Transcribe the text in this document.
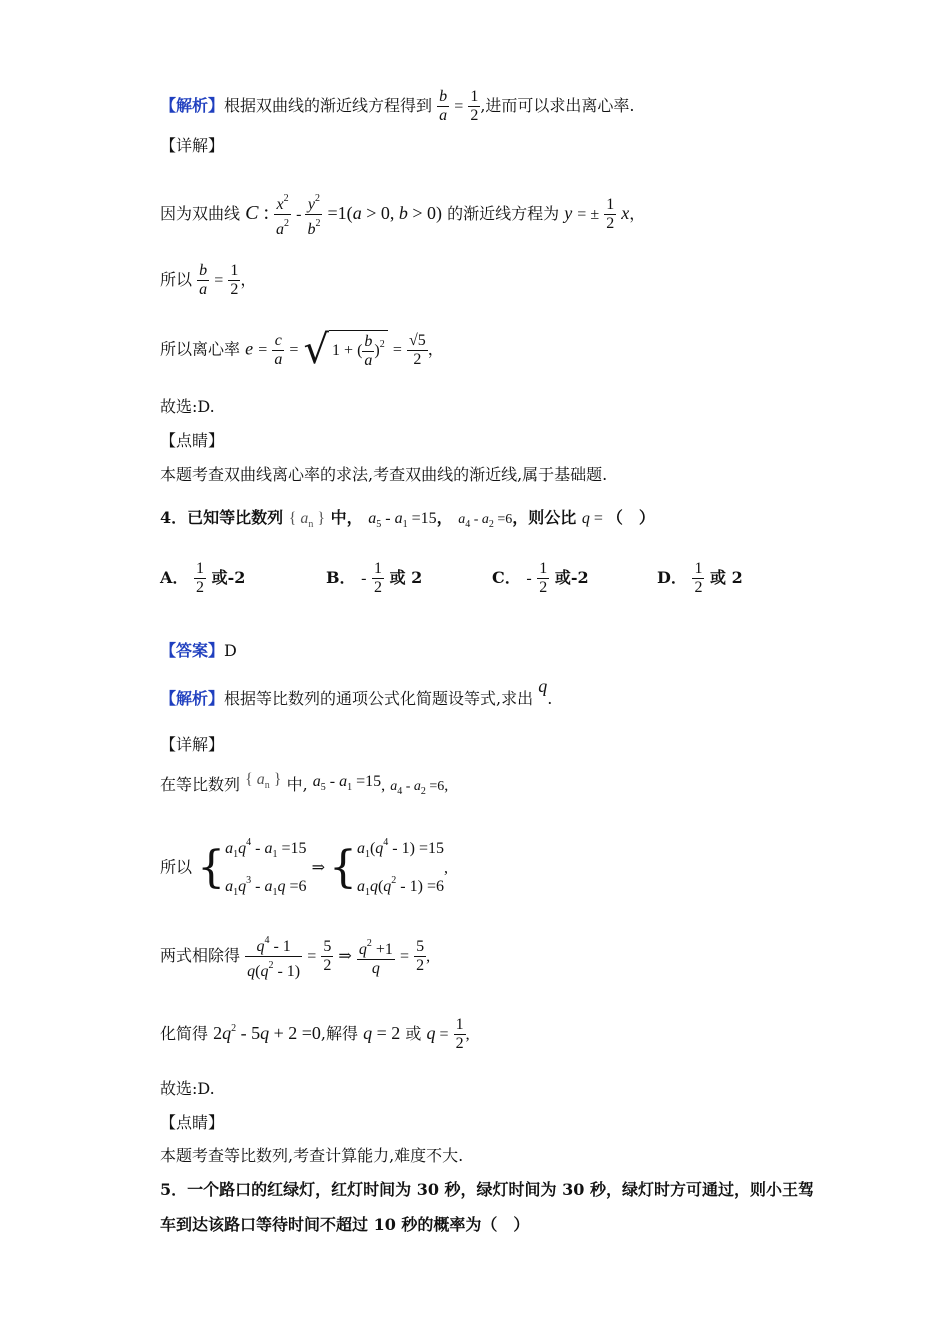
【解析】根据双曲线的渐近线方程得到 $\frac{b}{a} = \frac{1}{2}$ ,进而可以求出离心率.
【详解】
因为双曲线 C : $\frac{x^2}{a^2} - \frac{y^2}{b^2} =1(a > 0$, b > 0) 的渐近线方程为 y = ± $\frac{1}{2}$ x，
所以 $\frac{b}{a} = \frac{1}{2}$ ，
所以离心率 $e = \frac{c}{a}$ = √ 1 + ( $\frac{b}{a} )^2 = \frac{√5}{2}$ ，
故选:D.
【点睛】
本题考查双曲线离心率的求法,考查双曲线的渐近线,属于基础题.
4．已知等比数列 { $a_n$ } 中， $a_5 - a_1 =15$， $a_4 - a_2 =6$，则公比 q = （　）
A． $\frac{1}{2}$ 或-2	B． - $\frac{1}{2}$ 或 2	C． - $\frac{1}{2}$ 或-2	D． $\frac{1}{2}$ 或 2
【答案】D
【解析】根据等比数列的通项公式化简题设等式,求出 q.
【详解】
在等比数列 { $a_n$ } 中, $a_5 - a_1 =15$, $a_4 - a_2 =6$,
所以 { $a_1q^4 - a_1 =15$
$a_1q^3 - a_1q =6$
⇒ { $a_1(q^4 - 1) =15$
$a_1q(q^2 - 1) =6$
,
两式相除得 $\frac{q^4 - 1}{q(q^2 - 1)} = \frac{5}{2}$ ⇒ $\frac{q^2 +1}{q} = \frac{5}{2}$ ,
化简得 $2q^2 - 5q + 2 =0$,解得 q = 2 或 $q = \frac{1}{2}$ ,
故选:D.
【点睛】
本题考查等比数列,考查计算能力,难度不大.
5．一个路口的红绿灯，红灯时间为 30 秒，绿灯时间为 30 秒，绿灯时方可通过，则小王驾
车到达该路口等待时间不超过 10 秒的概率为（　）
